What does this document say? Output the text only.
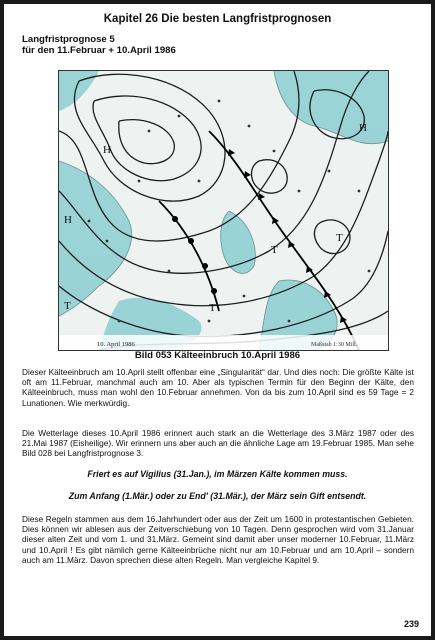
Kapitel 26 Die besten Langfristprognosen
Langfristprognose 5
für den 11.Februar + 10.April 1986
H
H
T
T
T
T
H
10. April 1986	Maßstab 1:30 Mill.
Bild 053 Kälteeinbruch 10.April 1986

Dieser Kälteeinbruch am 10.April stellt offenbar eine „Singularität“ dar. Und dies noch: Die größte Kälte ist oft am 11.Februar, manchmal auch am 10. Aber als typischen Termin für den Beginn der Kälte, den Kälteeinbruch, muss man wohl den 10.Februar annehmen. Von da bis zum 10.April sind es 59 Tage = 2 Lunationen. Wie merkwürdig.

Die Wetterlage dieses 10.April 1986 erinnert auch stark an die Wetterlage des 3.März 1987 oder des 21.Mai 1987 (Eisheilige). Wir erinnern uns aber auch an die ähnliche Lage am 19.Februar 1985. Man sehe Bild 028 bei Langfristprognose 3.

Friert es auf Vigilius (31.Jan.), im Märzen Kälte kommen muss.
Zum Anfang (1.Mär.) oder zu End' (31.Mär.), der März sein Gift entsendt.

Diese Regeln stammen aus dem 16.Jahrhundert oder aus der Zeit um 1600 in protestantischen Gebieten. Dies können wir ablesen aus der Zeitverschiebung von 10 Tagen. Denn gesprochen wird vom 31.Januar dieser alten Zeit und vom 1. und 31.März. Gemeint sind damit aber unser moderner 10.Februar, 11.März und 10.April ! Es gibt nämlich gerne Kälteeinbrüche nicht nur am 10.Februar und am 10.April – sondern auch am 11.März. Davon sprechen diese alten Regeln. Man vergleiche Kapitel 9.

239
